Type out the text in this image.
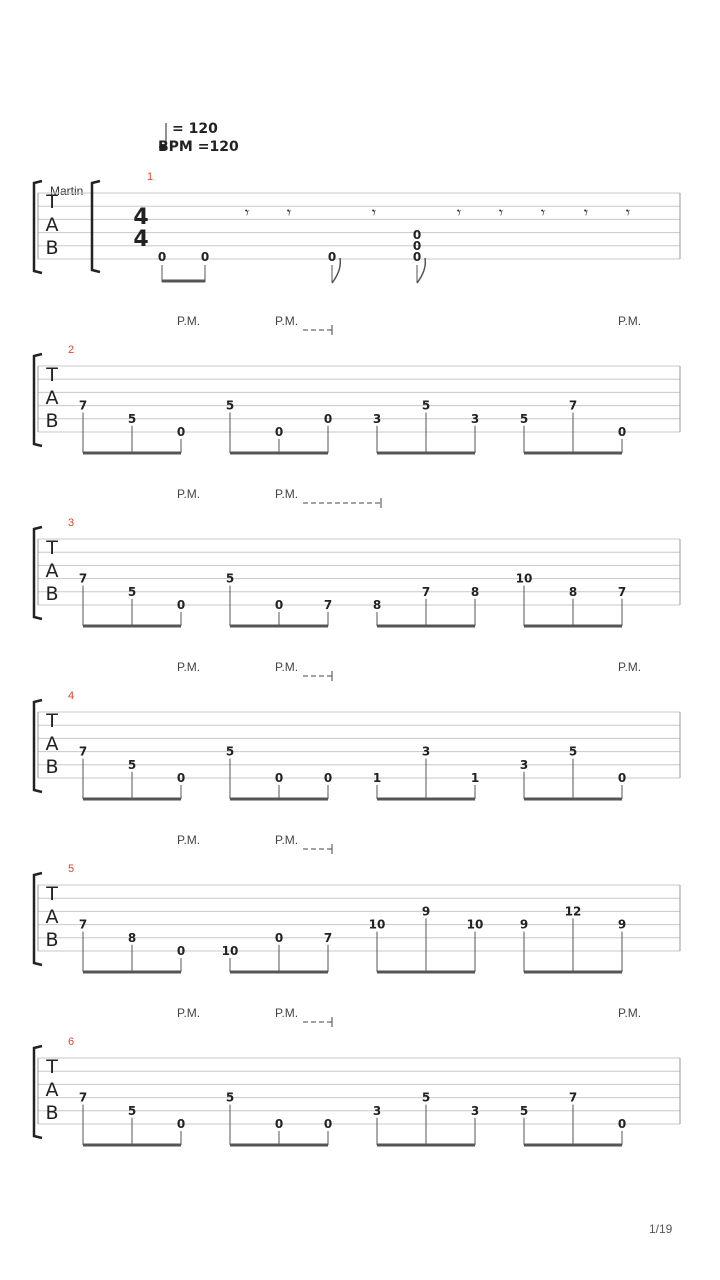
= 120
BPM =120
Martin
1
2
3
4
5
6
P.M.	P.M.	P.M.
P.M.	P.M.
P.M.	P.M.	P.M.
P.M.	P.M.
P.M.	P.M.	P.M.
1/19
T
A
B
T
A
B
T
A
B
T
A
B
T
A
B
T
A
B
4
4
𝄾 𝄾	𝄾	𝄾 𝄾 𝄾 𝄾 𝄾
0	0	0
0
0
0
7
5
0
5
0
0	3
5
3	5
7
0
7
5
0
5
0	7	8
7	8
10
8	7
7
5
0
5
0	0	1
3
1
3
5
0
7
8
0	10
0	7
10
9
10	9
12
9
7
5
0
5
0	0
3
5
3	5
7
0
